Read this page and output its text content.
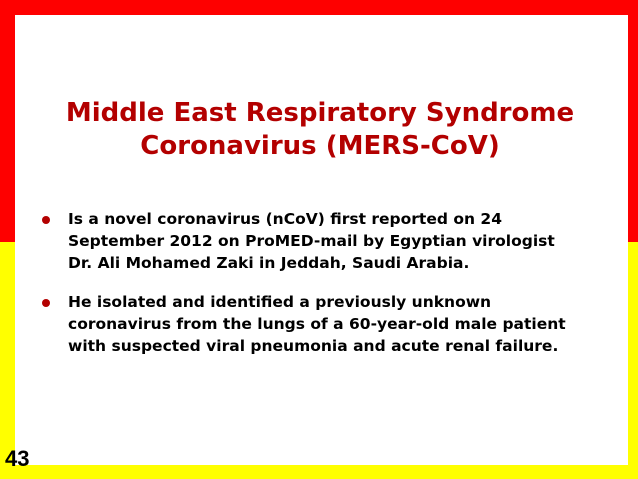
Middle East Respiratory Syndrome
Coronavirus (MERS-CoV)
Is a novel coronavirus (nCoV) first reported on 24 September 2012 on ProMED-mail by Egyptian virologist Dr. Ali Mohamed Zaki in Jeddah, Saudi Arabia.
He isolated and identified a previously unknown coronavirus from the lungs of a 60-year-old male patient with suspected viral pneumonia and acute renal failure.

43
